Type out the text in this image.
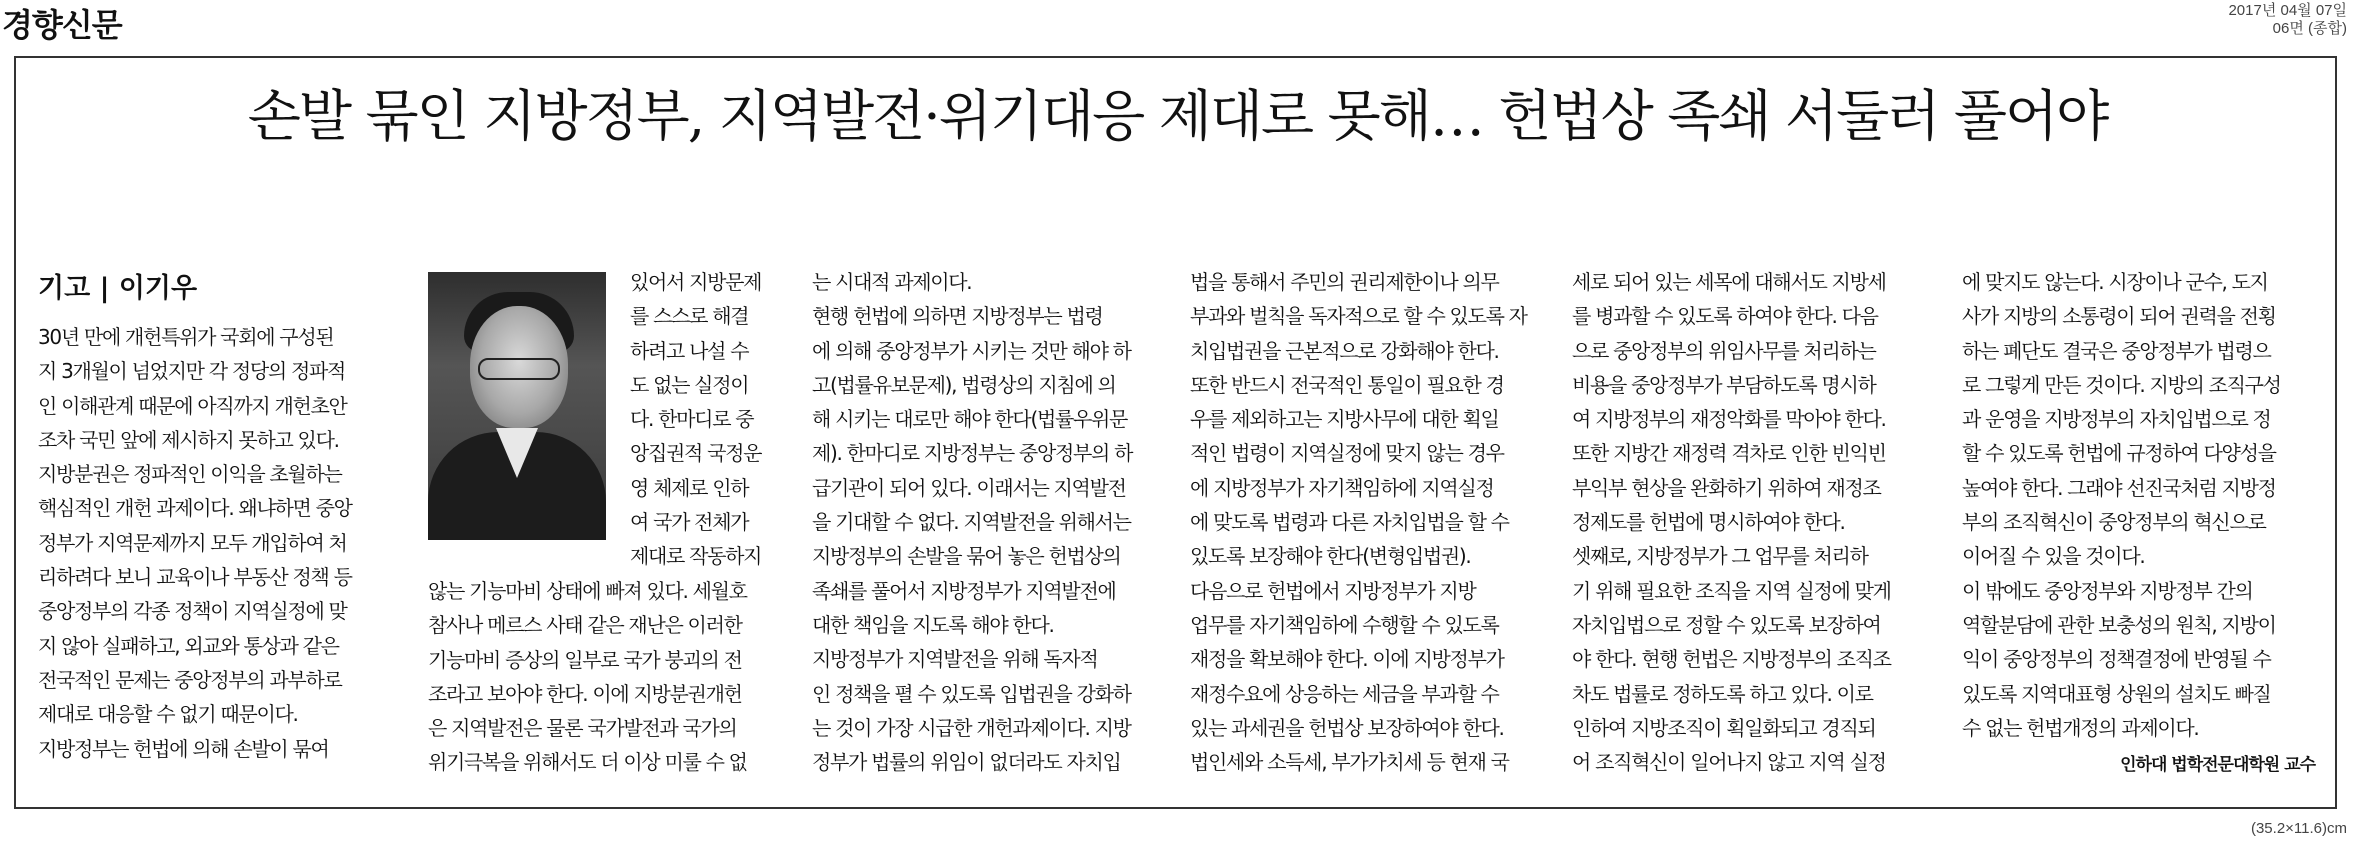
경향신문	2017년 04월 07일
06면 (종합)
손발 묶인 지방정부, 지역발전·위기대응 제대로 못해… 헌법상 족쇄 서둘러 풀어야
기고 | 이기우
30년 만에 개헌특위가 국회에 구성된
지 3개월이 넘었지만 각 정당의 정파적
인 이해관계 때문에 아직까지 개헌초안
조차 국민 앞에 제시하지 못하고 있다.
지방분권은 정파적인 이익을 초월하는
핵심적인 개헌 과제이다. 왜냐하면 중앙
정부가 지역문제까지 모두 개입하여 처
리하려다 보니 교육이나 부동산 정책 등
중앙정부의 각종 정책이 지역실정에 맞
지 않아 실패하고, 외교와 통상과 같은
전국적인 문제는 중앙정부의 과부하로
제대로 대응할 수 없기 때문이다.
지방정부는 헌법에 의해 손발이 묶여
있어서 지방문제
를 스스로 해결
하려고 나설 수
도 없는 실정이
다. 한마디로 중
앙집권적 국정운
영 체제로 인하
여 국가 전체가
제대로 작동하지
않는 기능마비 상태에 빠져 있다. 세월호
참사나 메르스 사태 같은 재난은 이러한
기능마비 증상의 일부로 국가 붕괴의 전
조라고 보아야 한다. 이에 지방분권개헌
은 지역발전은 물론 국가발전과 국가의
위기극복을 위해서도 더 이상 미룰 수 없
는 시대적 과제이다.
현행 헌법에 의하면 지방정부는 법령
에 의해 중앙정부가 시키는 것만 해야 하
고(법률유보문제), 법령상의 지침에 의
해 시키는 대로만 해야 한다(법률우위문
제). 한마디로 지방정부는 중앙정부의 하
급기관이 되어 있다. 이래서는 지역발전
을 기대할 수 없다. 지역발전을 위해서는
지방정부의 손발을 묶어 놓은 헌법상의
족쇄를 풀어서 지방정부가 지역발전에
대한 책임을 지도록 해야 한다.
지방정부가 지역발전을 위해 독자적
인 정책을 펼 수 있도록 입법권을 강화하
는 것이 가장 시급한 개헌과제이다. 지방
정부가 법률의 위임이 없더라도 자치입
법을 통해서 주민의 권리제한이나 의무
부과와 벌칙을 독자적으로 할 수 있도록 자
치입법권을 근본적으로 강화해야 한다.
또한 반드시 전국적인 통일이 필요한 경
우를 제외하고는 지방사무에 대한 획일
적인 법령이 지역실정에 맞지 않는 경우
에 지방정부가 자기책임하에 지역실정
에 맞도록 법령과 다른 자치입법을 할 수
있도록 보장해야 한다(변형입법권).
다음으로 헌법에서 지방정부가 지방
업무를 자기책임하에 수행할 수 있도록
재정을 확보해야 한다. 이에 지방정부가
재정수요에 상응하는 세금을 부과할 수
있는 과세권을 헌법상 보장하여야 한다.
법인세와 소득세, 부가가치세 등 현재 국
세로 되어 있는 세목에 대해서도 지방세
를 병과할 수 있도록 하여야 한다. 다음
으로 중앙정부의 위임사무를 처리하는
비용을 중앙정부가 부담하도록 명시하
여 지방정부의 재정악화를 막아야 한다.
또한 지방간 재정력 격차로 인한 빈익빈
부익부 현상을 완화하기 위하여 재정조
정제도를 헌법에 명시하여야 한다.
셋째로, 지방정부가 그 업무를 처리하
기 위해 필요한 조직을 지역 실정에 맞게
자치입법으로 정할 수 있도록 보장하여
야 한다. 현행 헌법은 지방정부의 조직조
차도 법률로 정하도록 하고 있다. 이로
인하여 지방조직이 획일화되고 경직되
어 조직혁신이 일어나지 않고 지역 실정
에 맞지도 않는다. 시장이나 군수, 도지
사가 지방의 소통령이 되어 권력을 전횡
하는 폐단도 결국은 중앙정부가 법령으
로 그렇게 만든 것이다. 지방의 조직구성
과 운영을 지방정부의 자치입법으로 정
할 수 있도록 헌법에 규정하여 다양성을
높여야 한다. 그래야 선진국처럼 지방정
부의 조직혁신이 중앙정부의 혁신으로
이어질 수 있을 것이다.
이 밖에도 중앙정부와 지방정부 간의
역할분담에 관한 보충성의 원칙, 지방이
익이 중앙정부의 정책결정에 반영될 수
있도록 지역대표형 상원의 설치도 빠질
수 없는 헌법개정의 과제이다.
인하대 법학전문대학원 교수
(35.2×11.6)cm
